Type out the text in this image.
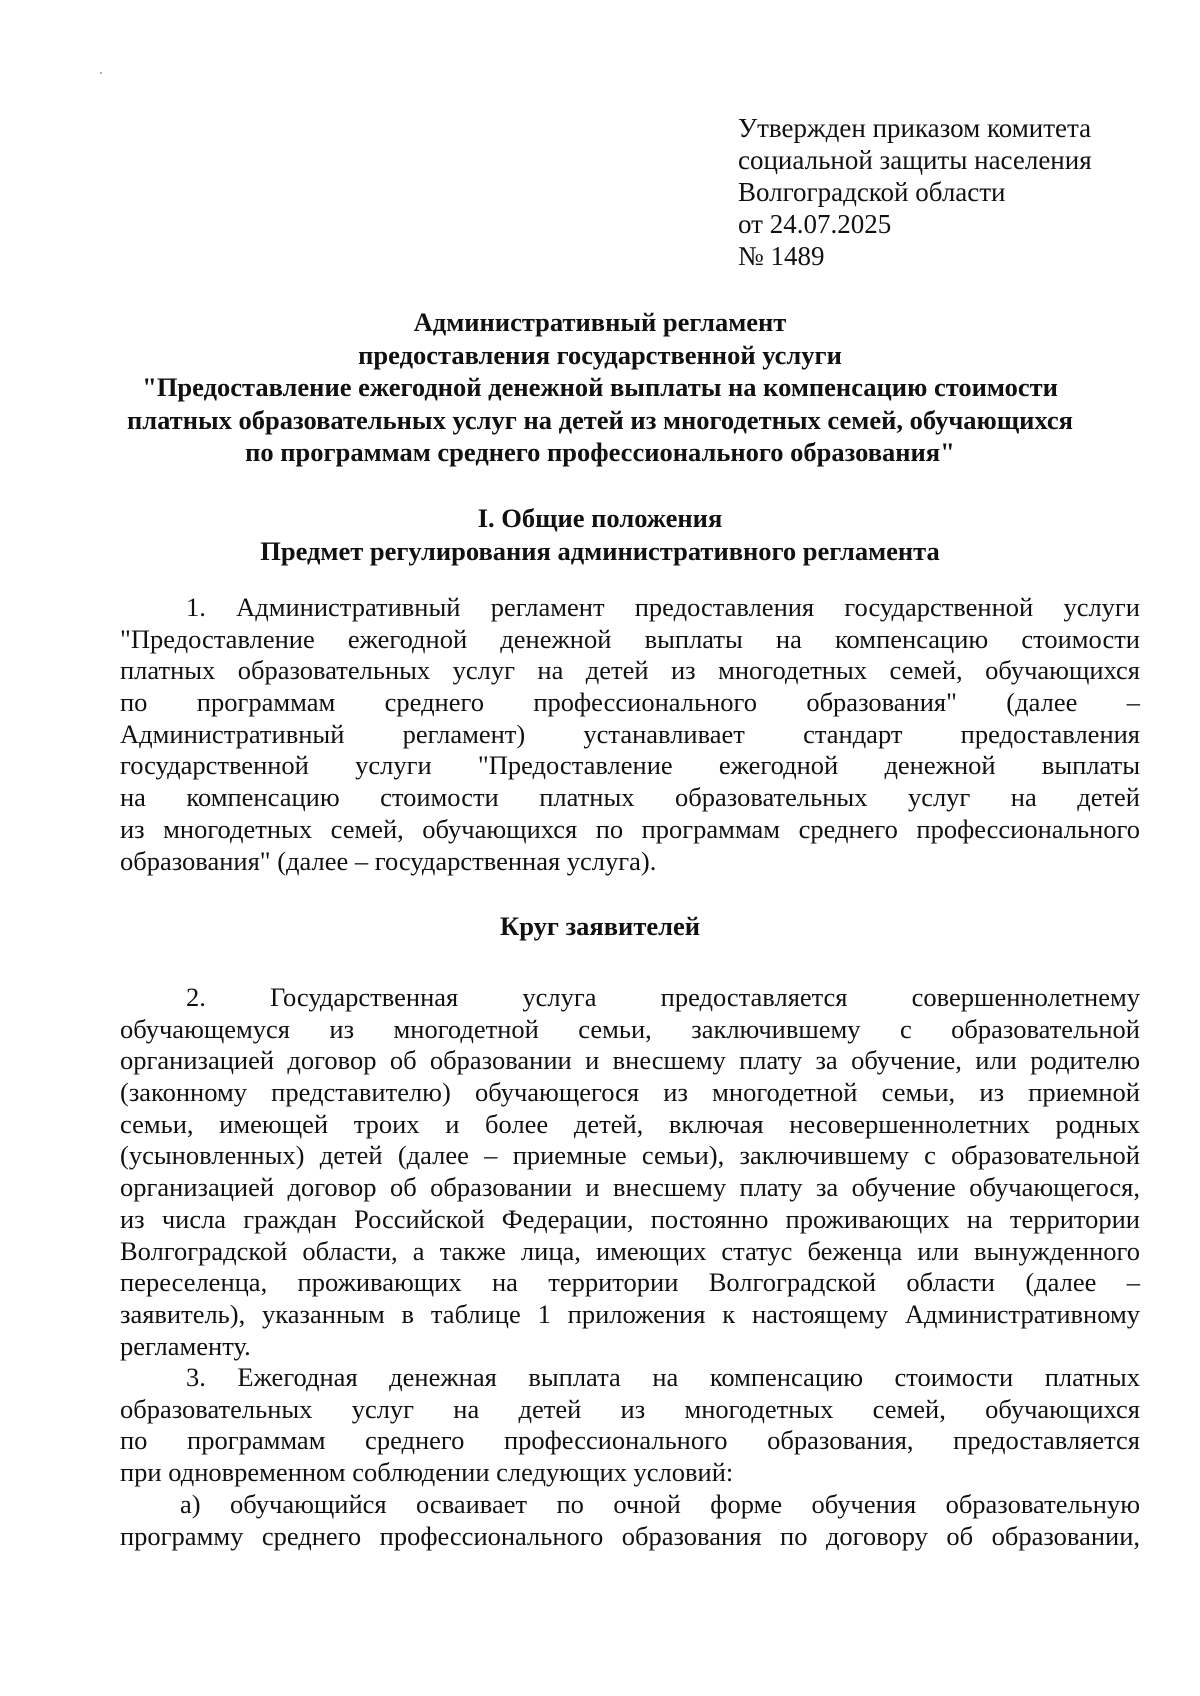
Утвержден приказом комитета
социальной защиты населения
Волгоградской области
от 24.07.2025
№ 1489
Административный регламент
предоставления государственной услуги
"Предоставление ежегодной денежной выплаты на компенсацию стоимости
платных образовательных услуг на детей из многодетных семей, обучающихся
по программам среднего профессионального образования"
I. Общие положения
Предмет регулирования административного регламента
1. Административный регламент предоставления государственной услуги
"Предоставление ежегодной денежной выплаты на компенсацию стоимости
платных образовательных услуг на детей из многодетных семей, обучающихся
по программам среднего профессионального образования" (далее –
Административный регламент) устанавливает стандарт предоставления
государственной услуги "Предоставление ежегодной денежной выплаты
на компенсацию стоимости платных образовательных услуг на детей
из многодетных семей, обучающихся по программам среднего профессионального
образования" (далее – государственная услуга).
Круг заявителей
2. Государственная услуга предоставляется совершеннолетнему
обучающемуся из многодетной семьи, заключившему с образовательной
организацией договор об образовании и внесшему плату за обучение, или родителю
(законному представителю) обучающегося из многодетной семьи, из приемной
семьи, имеющей троих и более детей, включая несовершеннолетних родных
(усыновленных) детей (далее – приемные семьи), заключившему с образовательной
организацией договор об образовании и внесшему плату за обучение обучающегося,
из числа граждан Российской Федерации, постоянно проживающих на территории
Волгоградской области, а также лица, имеющих статус беженца или вынужденного
переселенца, проживающих на территории Волгоградской области (далее –
заявитель), указанным в таблице 1 приложения к настоящему Административному
регламенту.
3. Ежегодная денежная выплата на компенсацию стоимости платных
образовательных услуг на детей из многодетных семей, обучающихся
по программам среднего профессионального образования, предоставляется
при одновременном соблюдении следующих условий:
а) обучающийся осваивает по очной форме обучения образовательную
программу среднего профессионального образования по договору об образовании,
